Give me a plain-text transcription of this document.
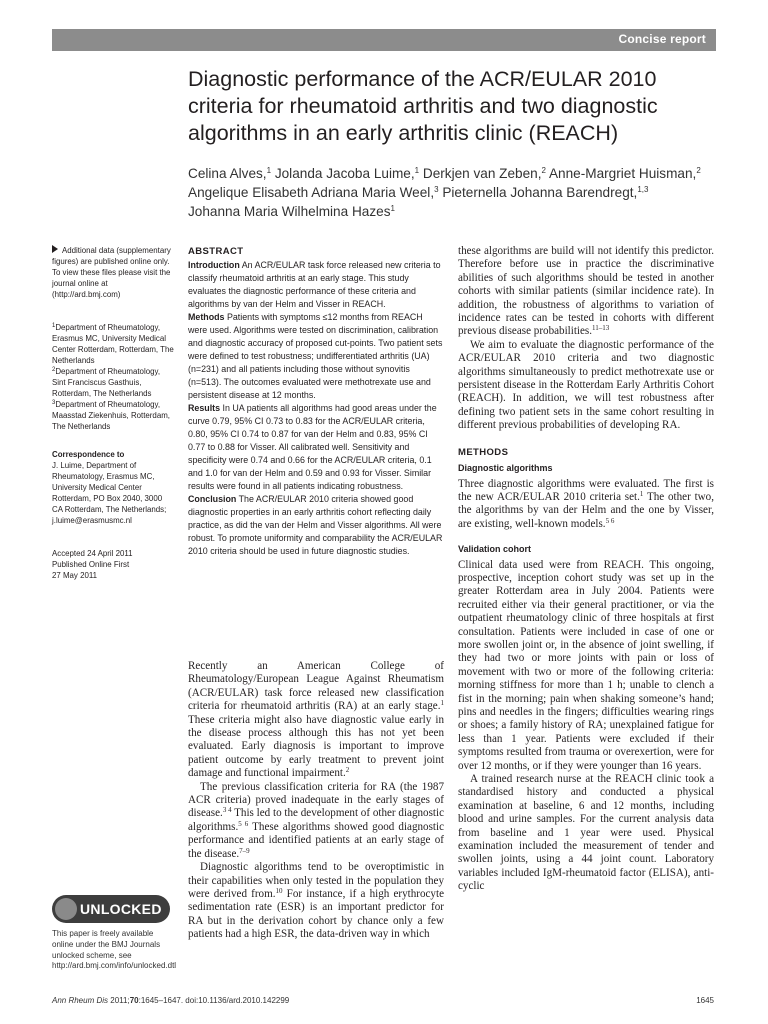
Concise report
Diagnostic performance of the ACR/EULAR 2010 criteria for rheumatoid arthritis and two diagnostic algorithms in an early arthritis clinic (REACH)
Celina Alves,$^1$ Jolanda Jacoba Luime,$^1$ Derkjen van Zeben,$^2$ Anne-Margriet Huisman,$^2$
Angelique Elisabeth Adriana Maria Weel,$^3$ Pieternella Johanna Barendregt,$^{1,3}$
Johanna Maria Wilhelmina Hazes$^1$
Additional data (supplementary figures) are published online only. To view these files please visit the journal online at (http://ard.bmj.com)
$^1$Department of Rheumatology, Erasmus MC, University Medical Center Rotterdam, Rotterdam, The Netherlands
$^2$Department of Rheumatology, Sint Franciscus Gasthuis, Rotterdam, The Netherlands
$^3$Department of Rheumatology, Maasstad Ziekenhuis, Rotterdam, The Netherlands
Correspondence to
J. Luime, Department of Rheumatology, Erasmus MC, University Medical Center Rotterdam, PO Box 2040, 3000 CA Rotterdam, The Netherlands;
j.luime@erasmusmc.nl
Accepted 24 April 2011
Published Online First
27 May 2011
UNLOCKED
This paper is freely available online under the BMJ Journals unlocked scheme, see http://ard.bmj.com/info/unlocked.dtl
ABSTRACT

Introduction An ACR/EULAR task force released new criteria to classify rheumatoid arthritis at an early stage. This study evaluates the diagnostic performance of these criteria and algorithms by van der Helm and Visser in REACH.

Methods Patients with symptoms ≤12 months from REACH were used. Algorithms were tested on discrimination, calibration and diagnostic accuracy of proposed cut-points. Two patient sets were defined to test robustness; undifferentiated arthritis (UA) (n=231) and all patients including those without synovitis (n=513). The outcomes evaluated were methotrexate use and persistent disease at 12 months.

Results In UA patients all algorithms had good areas under the curve 0.79, 95% CI 0.73 to 0.83 for the ACR/EULAR criteria, 0.80, 95% CI 0.74 to 0.87 for van der Helm and 0.83, 95% CI 0.77 to 0.88 for Visser. All calibrated well. Sensitivity and specificity were 0.74 and 0.66 for the ACR/EULAR criteria, 0.1 and 1.0 for van der Helm and 0.59 and 0.93 for Visser. Similar results were found in all patients indicating robustness.

Conclusion The ACR/EULAR 2010 criteria showed good diagnostic properties in an early arthritis cohort reflecting daily practice, as did the van der Helm and Visser algorithms. All were robust. To promote uniformity and comparability the ACR/EULAR 2010 criteria should be used in future diagnostic studies.

Recently an American College of Rheumatology/European League Against Rheumatism (ACR/EULAR) task force released new classification criteria for rheumatoid arthritis (RA) at an early stage.$^1$ These criteria might also have diagnostic value early in the disease process although this has not yet been evaluated. Early diagnosis is important to improve patient outcome by early treatment to prevent joint damage and functional impairment.$^2$

The previous classification criteria for RA (the 1987 ACR criteria) proved inadequate in the early stages of disease.$^{3 4}$ This led to the development of other diagnostic algorithms.$^{5 6}$ These algorithms showed good diagnostic performance and identified patients at an early stage of the disease.$^{7-9}$

Diagnostic algorithms tend to be overoptimistic in their capabilities when only tested in the population they were derived from.$^{10}$ For instance, if a high erythrocyte sedimentation rate (ESR) is an important predictor for RA but in the derivation cohort by chance only a few patients had a high ESR, the data-driven way in which

these algorithms are build will not identify this predictor. Therefore before use in practice the discriminative abilities of such algorithms should be tested in another cohorts with similar patients (similar incidence rate). In addition, the robustness of algorithms to variation of incidence rates can be tested in cohorts with different previous disease probabilities.$^{11-13}$

We aim to evaluate the diagnostic performance of the ACR/EULAR 2010 criteria and two diagnostic algorithms simultaneously to predict methotrexate use or persistent disease in the Rotterdam Early Arthritis Cohort (REACH). In addition, we will test robustness after defining two patient sets in the same cohort resulting in different previous probabilities of developing RA.

METHODS
Diagnostic algorithms

Three diagnostic algorithms were evaluated. The first is the new ACR/EULAR 2010 criteria set.$^1$ The other two, the algorithms by van der Helm and the one by Visser, are existing, well-known models.$^{5 6}$

Validation cohort

Clinical data used were from REACH. This ongoing, prospective, inception cohort study was set up in the greater Rotterdam area in July 2004. Patients were recruited either via their general practitioner, or via the outpatient rheumatology clinic of three hospitals at first consultation. Patients were included in case of one or more swollen joint or, in the absence of joint swelling, if they had two or more joints with pain or loss of movement with two or more of the following criteria: morning stiffness for more than 1 h; unable to clench a fist in the morning; pain when shaking someone’s hand; pins and needles in the fingers; difficulties wearing rings or shoes; a family history of RA; unexplained fatigue for less than 1 year. Patients were excluded if their symptoms resulted from trauma or overexertion, were for over 12 months, or if they were younger than 16 years.

A trained research nurse at the REACH clinic took a standardised history and conducted a physical examination at baseline, 6 and 12 months, including blood and urine samples. For the current analysis data from baseline and 1 year were used. Physical examination included the measurement of tender and swollen joints, using a 44 joint count. Laboratory variables included IgM-rheumatoid factor (ELISA), anti-cyclic

Ann Rheum Dis 2011;70:1645–1647. doi:10.1136/ard.2010.142299	1645
